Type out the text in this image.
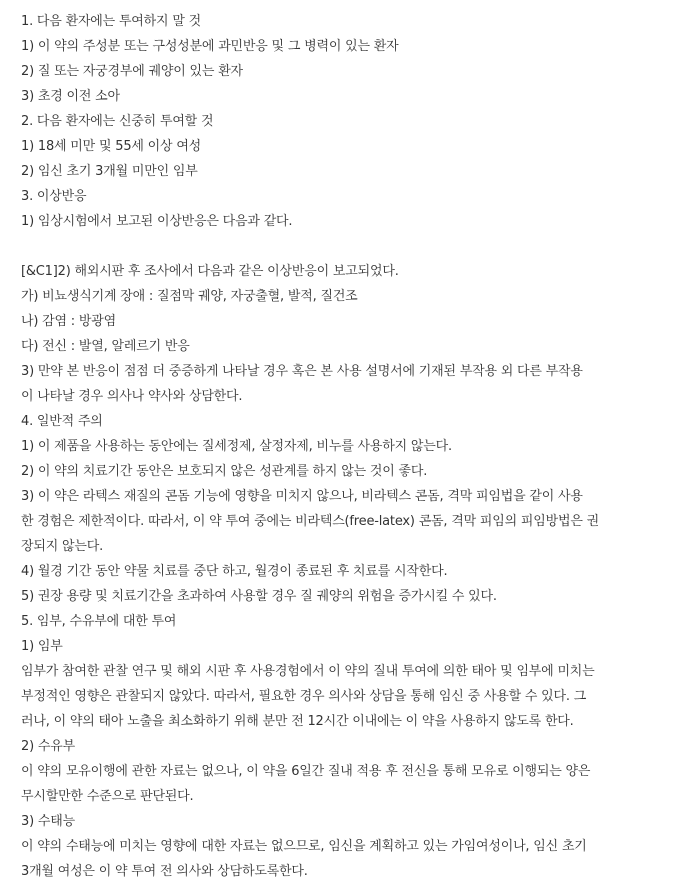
1. 다음 환자에는 투여하지 말 것
1) 이 약의 주성분 또는 구성성분에 과민반응 및 그 병력이 있는 환자
2) 질 또는 자궁경부에 궤양이 있는 환자
3) 초경 이전 소아
2. 다음 환자에는 신중히 투여할 것
1) 18세 미만 및 55세 이상 여성
2) 임신 초기 3개월 미만인 임부
3. 이상반응
1) 임상시험에서 보고된 이상반응은 다음과 같다.
[&C1]2) 해외시판 후 조사에서 다음과 같은 이상반응이 보고되었다.
가) 비뇨생식기계 장애 : 질점막 궤양, 자궁출혈, 발적, 질건조
나) 감염 : 방광염
다) 전신 : 발열, 알레르기 반응
3) 만약 본 반응이 점점 더 중증하게 나타날 경우 혹은 본 사용 설명서에 기재된 부작용 외 다른 부작용
이 나타날 경우 의사나 약사와 상담한다.
4. 일반적 주의
1) 이 제품을 사용하는 동안에는 질세정제, 살정자제, 비누를 사용하지 않는다.
2) 이 약의 치료기간 동안은 보호되지 않은 성관계를 하지 않는 것이 좋다.
3) 이 약은 라텍스 재질의 콘돔 기능에 영향을 미치지 않으나, 비라텍스 콘돔, 격막 피임법을 같이 사용
한 경험은 제한적이다. 따라서, 이 약 투여 중에는 비라텍스(free-latex) 콘돔, 격막 피임의 피임방법은 권
장되지 않는다.
4) 월경 기간 동안 약물 치료를 중단 하고, 월경이 종료된 후 치료를 시작한다.
5) 권장 용량 및 치료기간을 초과하여 사용할 경우 질 궤양의 위험을 증가시킬 수 있다.
5. 임부, 수유부에 대한 투여
1) 임부
임부가 참여한 관찰 연구 및 해외 시판 후 사용경험에서 이 약의 질내 투여에 의한 태아 및 임부에 미치는
부정적인 영향은 관찰되지 않았다. 따라서, 필요한 경우 의사와 상담을 통해 임신 중 사용할 수 있다. 그
러나, 이 약의 태아 노출을 최소화하기 위해 분만 전 12시간 이내에는 이 약을 사용하지 않도록 한다.
2) 수유부
이 약의 모유이행에 관한 자료는 없으나, 이 약을 6일간 질내 적용 후 전신을 통해 모유로 이행되는 양은
무시할만한 수준으로 판단된다.
3) 수태능
이 약의 수태능에 미치는 영향에 대한 자료는 없으므로, 임신을 계획하고 있는 가임여성이나, 임신 초기
3개월 여성은 이 약 투여 전 의사와 상담하도록한다.
